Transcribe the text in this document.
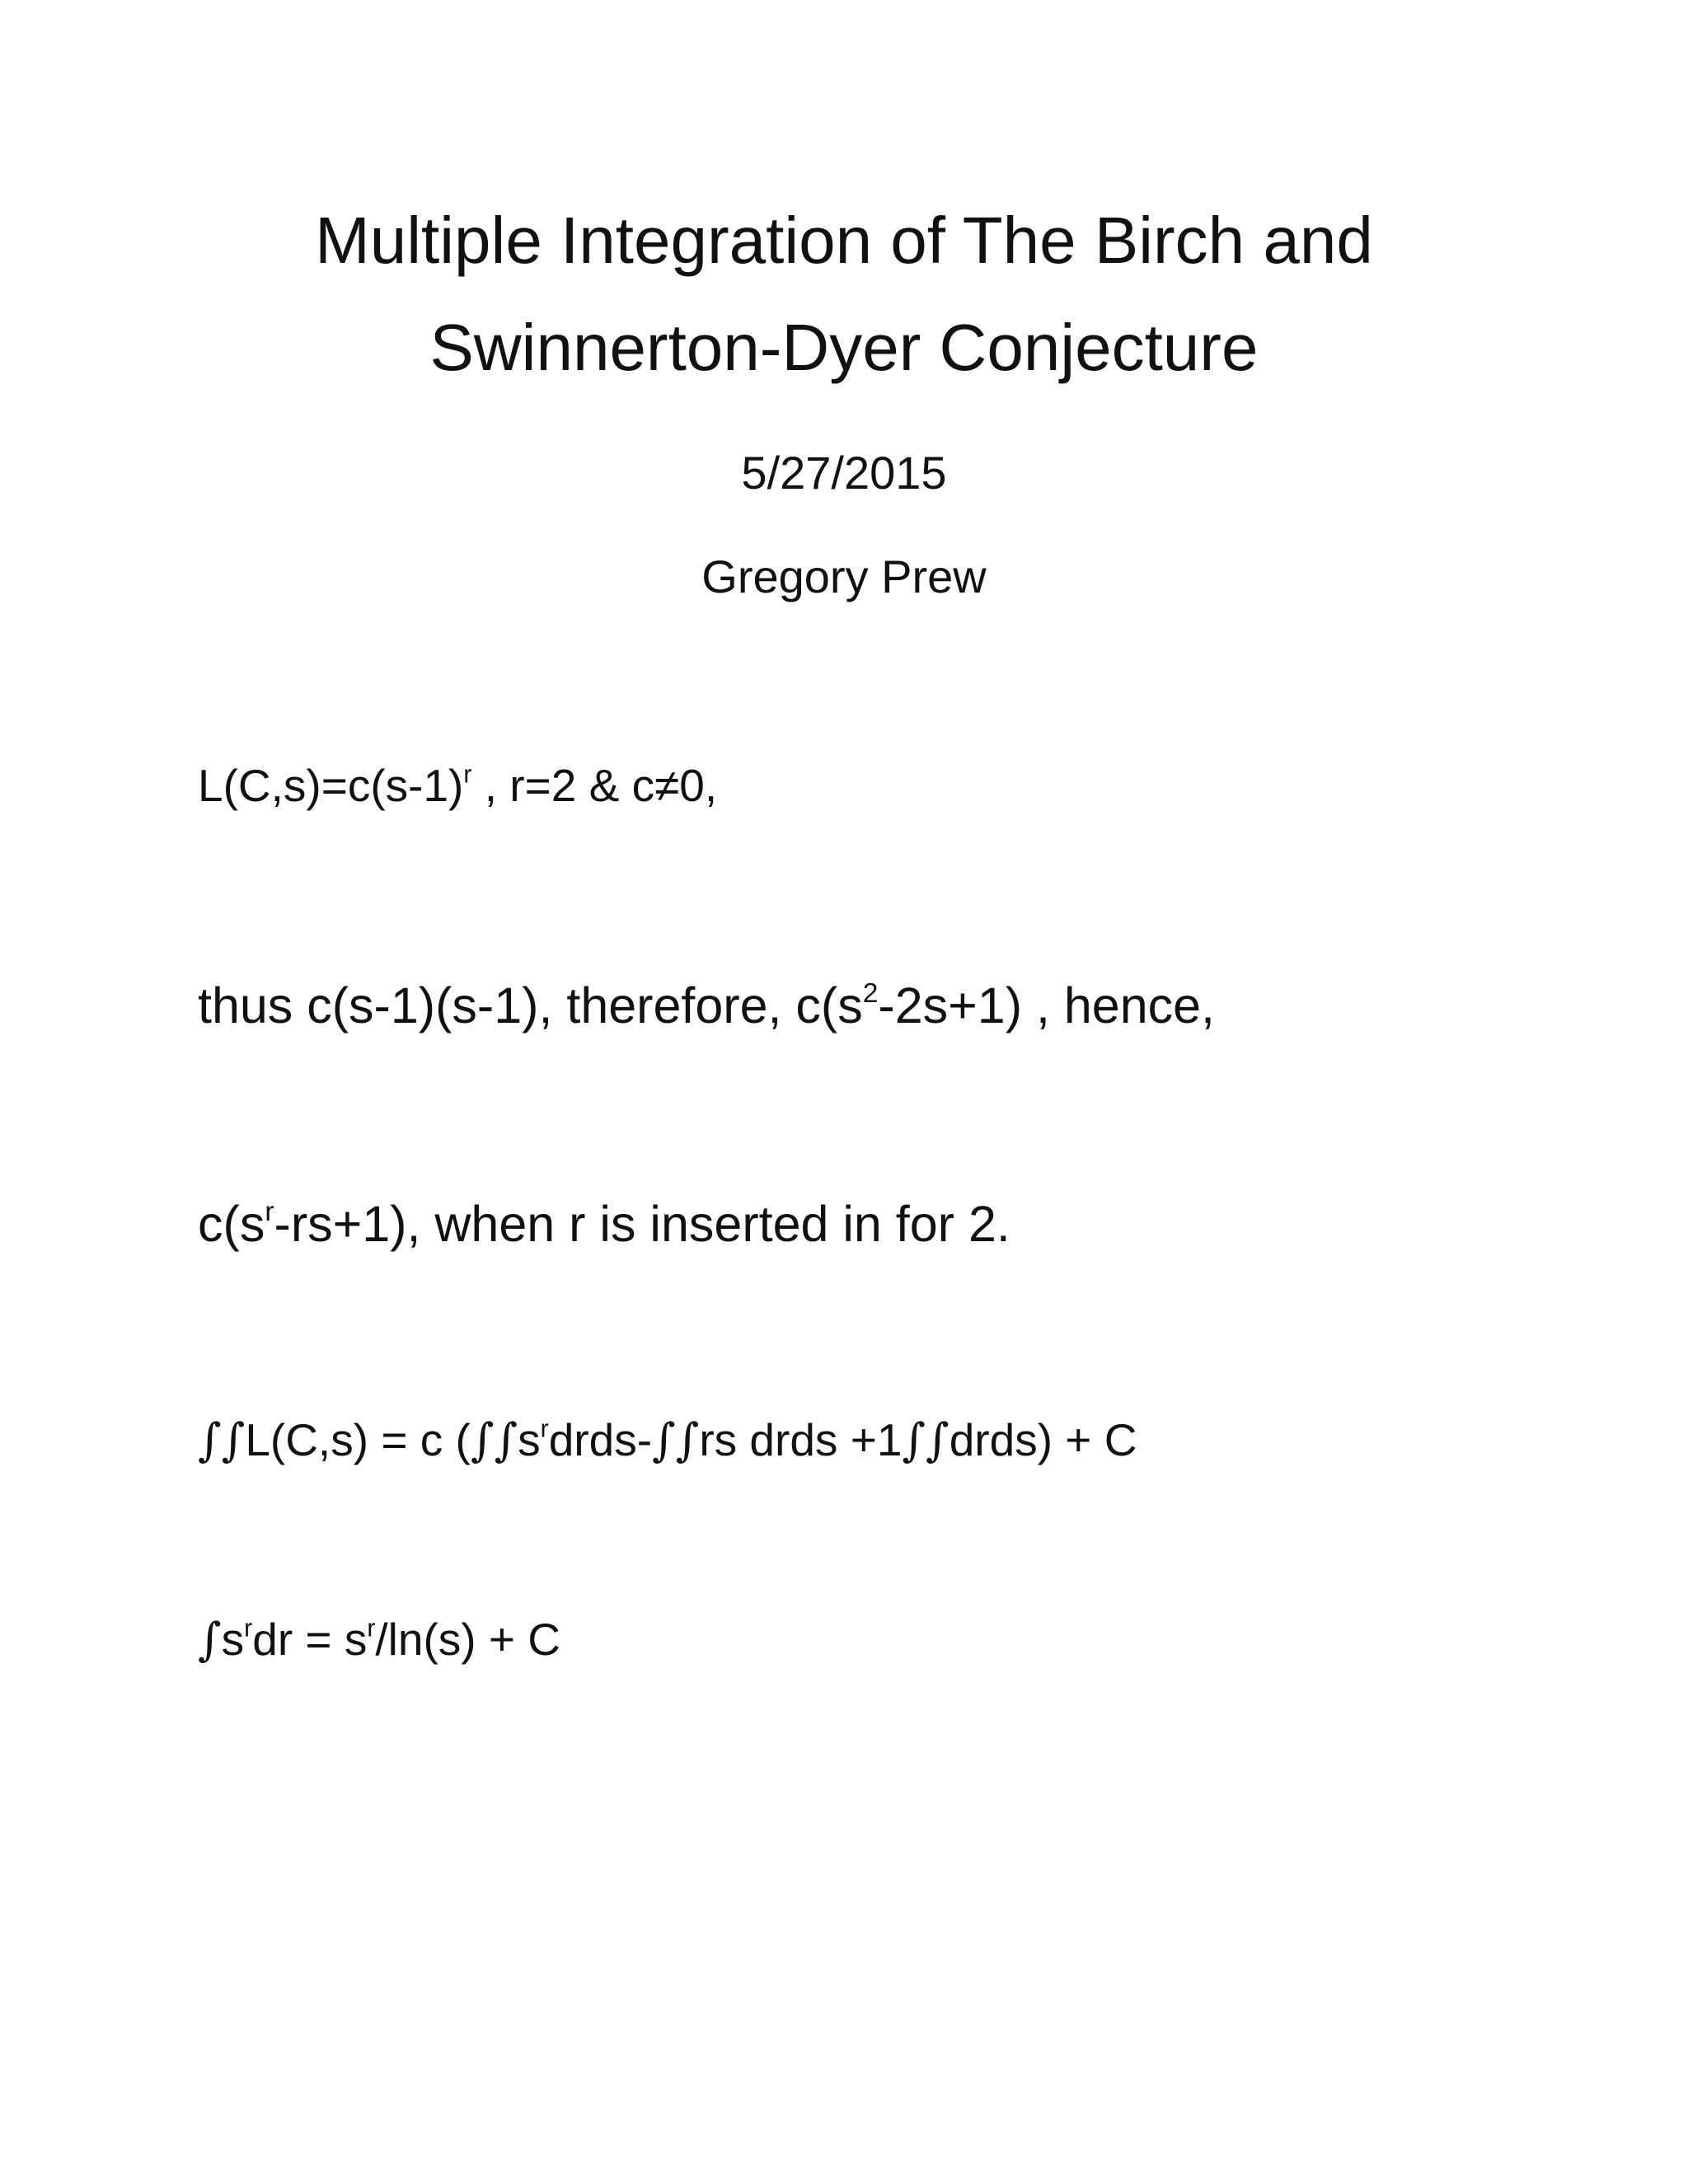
Multiple Integration of The Birch and
Swinnerton-Dyer Conjecture
5/27/2015
Gregory Prew
$L(C,s)=c(s-1)^r$ , r=2 & c≠0,
thus c(s-1)(s-1), therefore, $c(s^2-2s+1)$ , hence,
$c(s^r-rs+1)$, when r is inserted in for 2.
∫∫L(C,s) = c ($\int\int s^rdrds-\int\int rs$ drds +1∫∫drds) + C
$\int s^rdr = s^r/\ln(s) + C$
